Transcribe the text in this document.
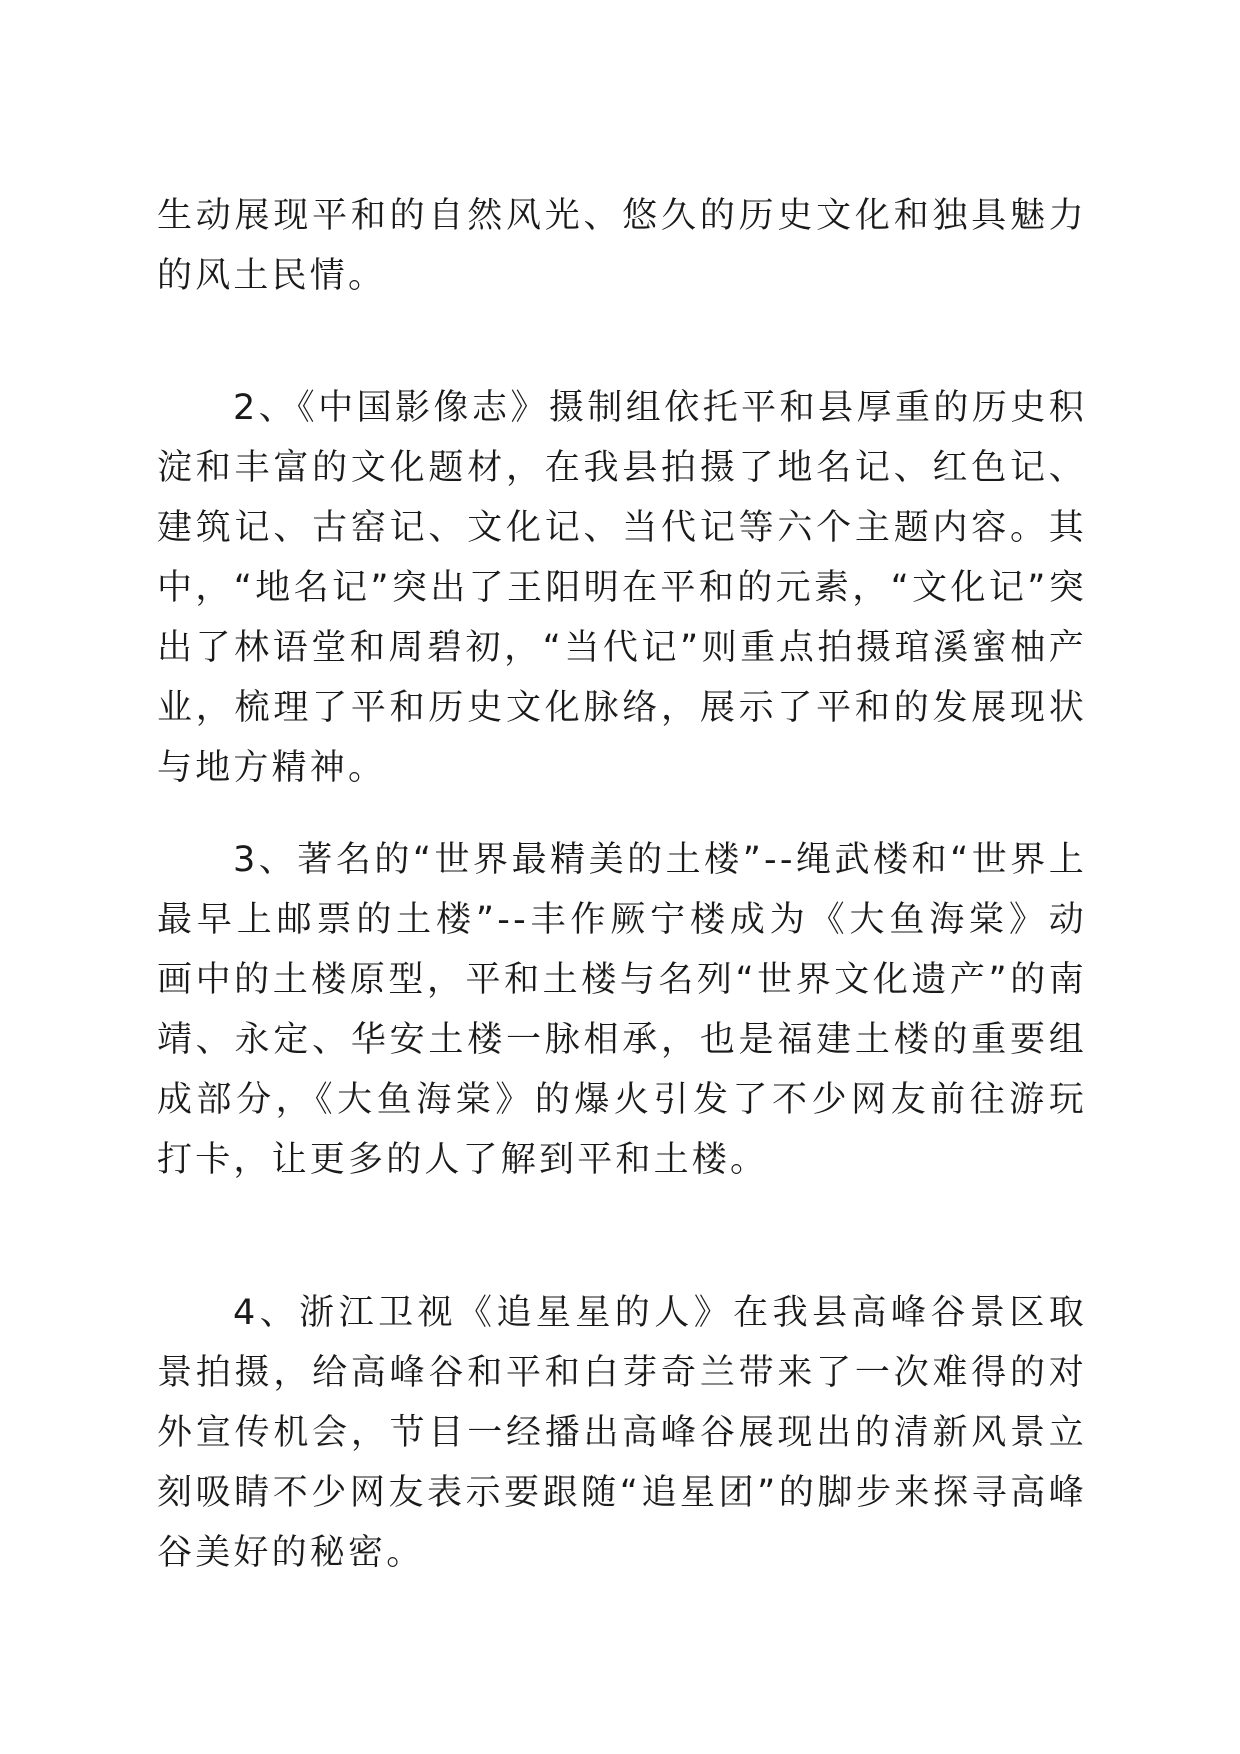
生动展现平和的自然风光、悠久的历史文化和独具魅力的风土民情。

2、《中国影像志》摄制组依托平和县厚重的历史积淀和丰富的文化题材，在我县拍摄了地名记、红色记、建筑记、古窑记、文化记、当代记等六个主题内容。其中，“地名记”突出了王阳明在平和的元素，“文化记”突出了林语堂和周碧初，“当代记”则重点拍摄琯溪蜜柚产业，梳理了平和历史文化脉络，展示了平和的发展现状与地方精神。

3、著名的“世界最精美的土楼”--绳武楼和“世界上最早上邮票的土楼”--丰作厥宁楼成为《大鱼海棠》动画中的土楼原型，平和土楼与名列“世界文化遗产”的南靖、永定、华安土楼一脉相承，也是福建土楼的重要组成部分，《大鱼海棠》的爆火引发了不少网友前往游玩打卡，让更多的人了解到平和土楼。

4、浙江卫视《追星星的人》在我县高峰谷景区取景拍摄，给高峰谷和平和白芽奇兰带来了一次难得的对外宣传机会，节目一经播出高峰谷展现出的清新风景立刻吸睛不少网友表示要跟随“追星团”的脚步来探寻高峰谷美好的秘密。
